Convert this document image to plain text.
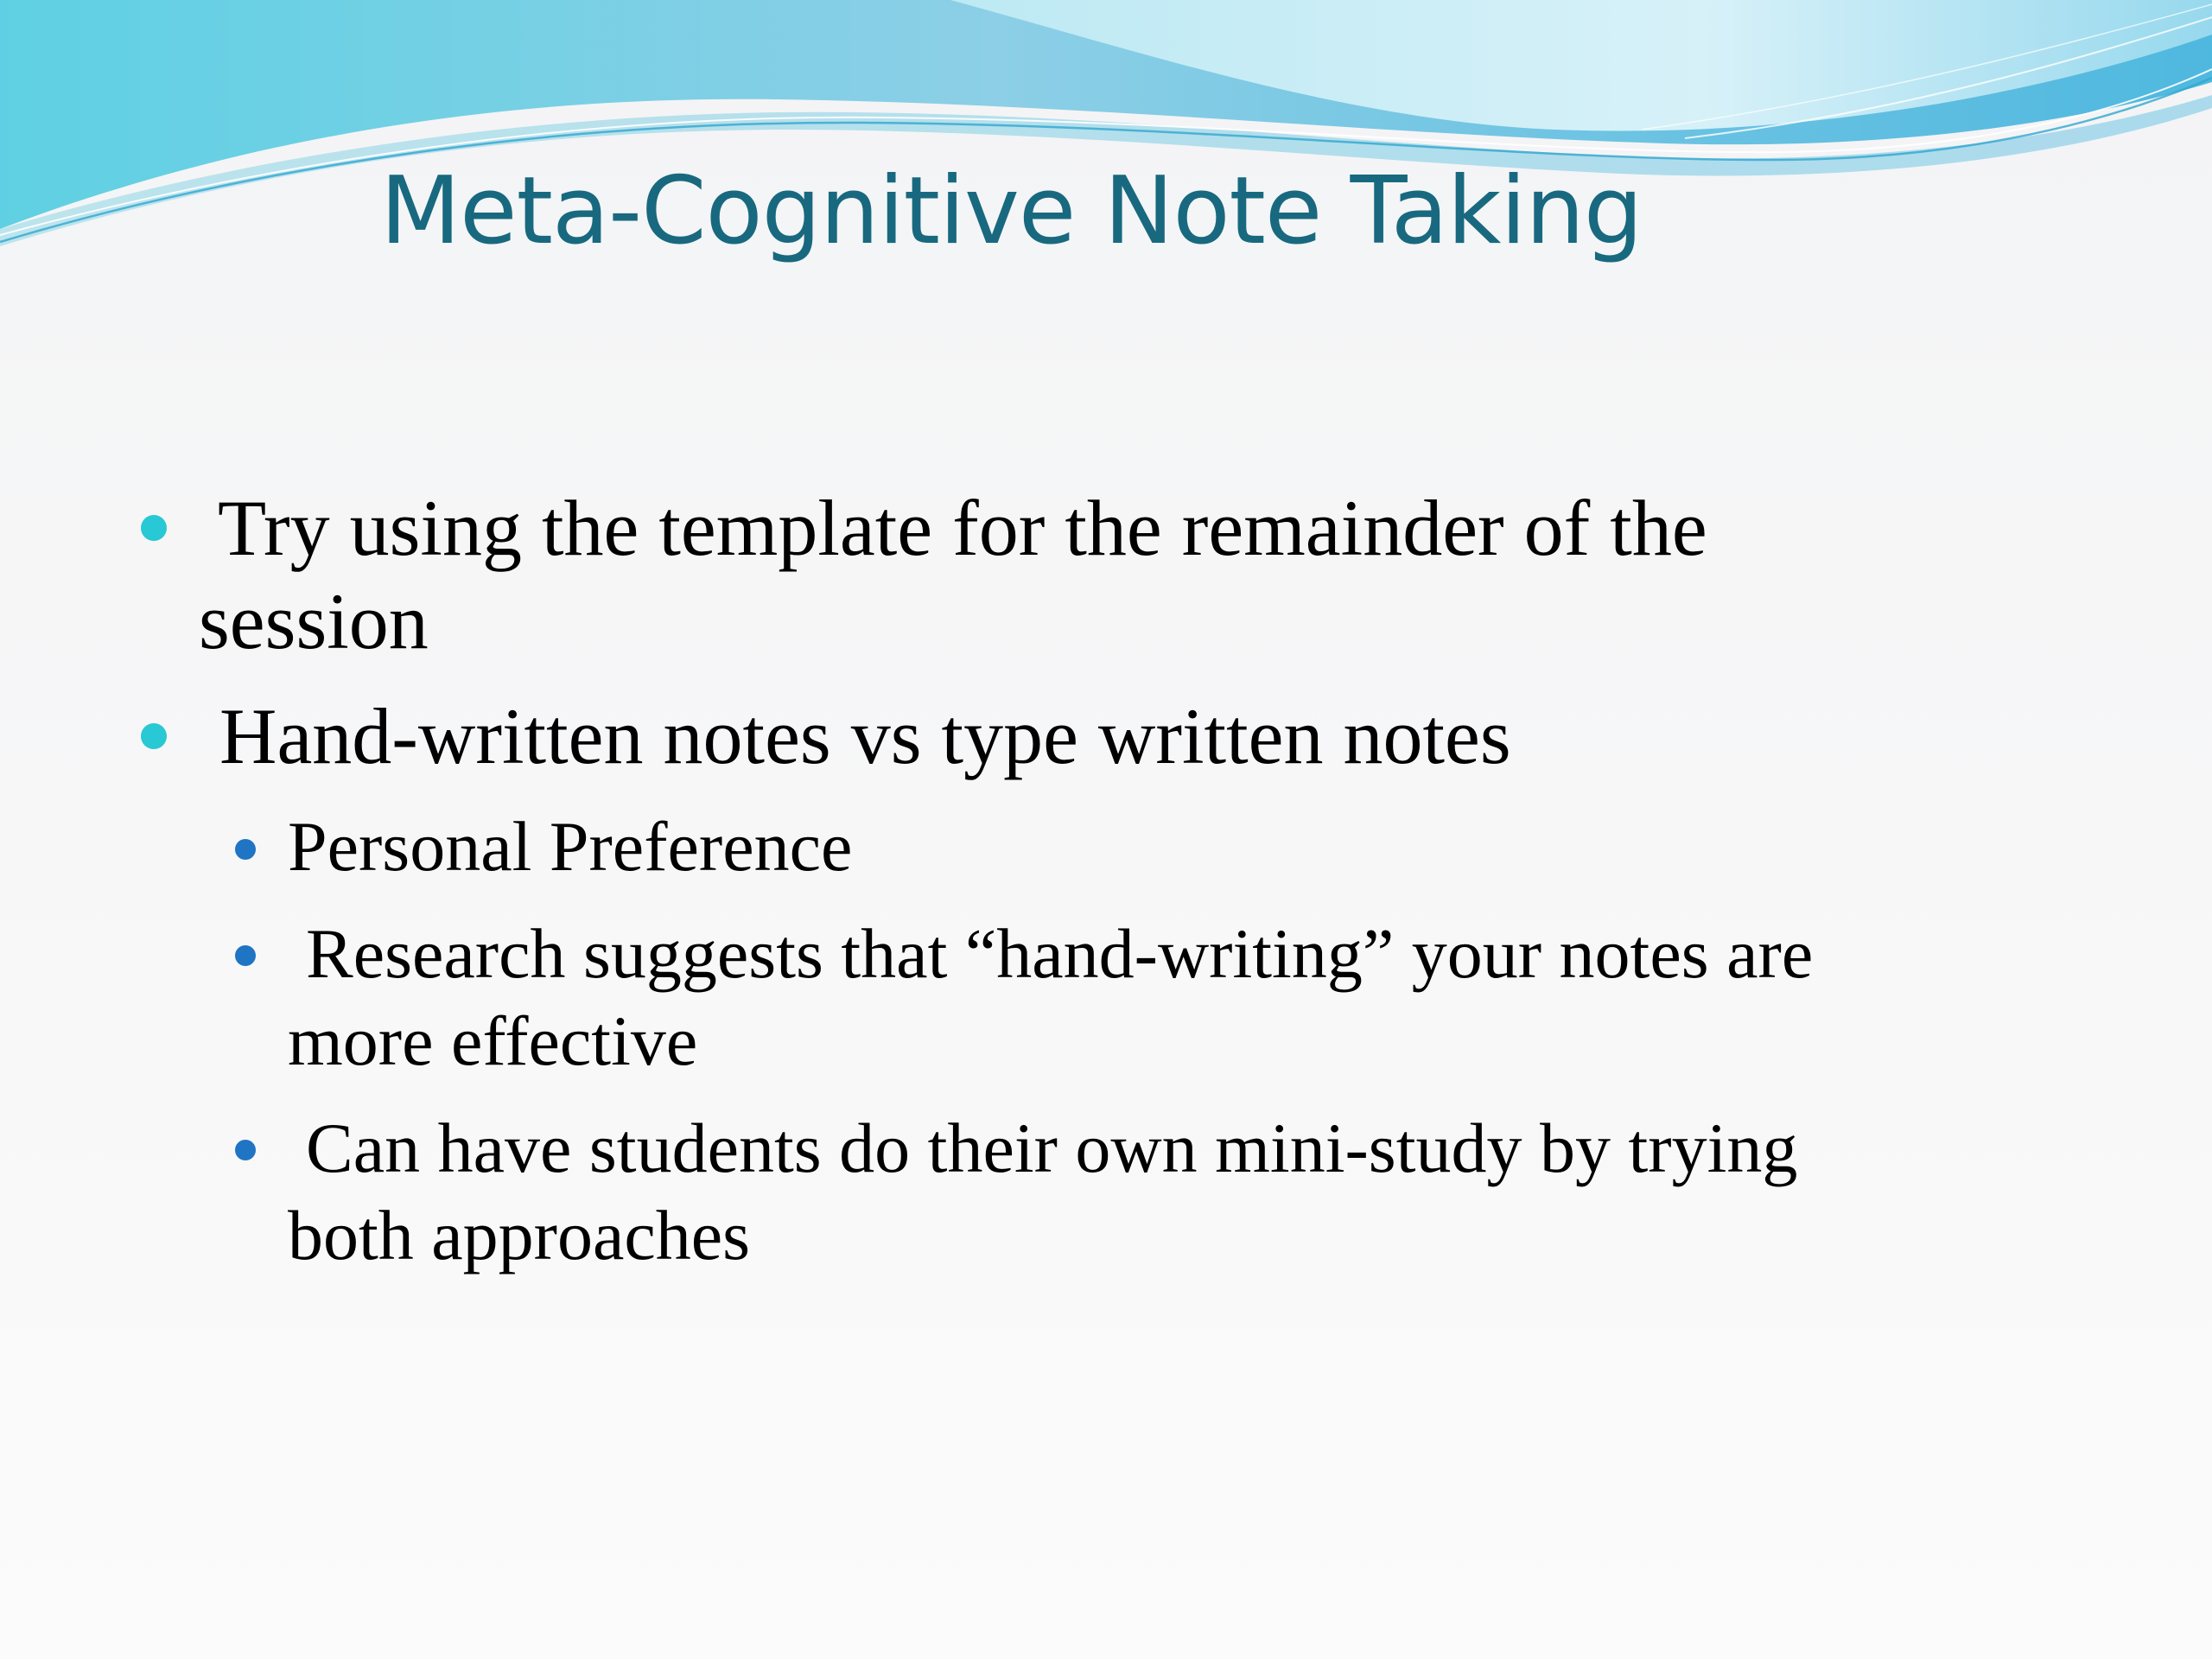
Meta-Cognitive Note Taking
Try using the template for the remainder of the
session
Hand-written notes vs type written notes
Personal Preference
Research suggests that “hand-writing” your notes are
more effective
Can have students do their own mini-study by trying
both approaches
